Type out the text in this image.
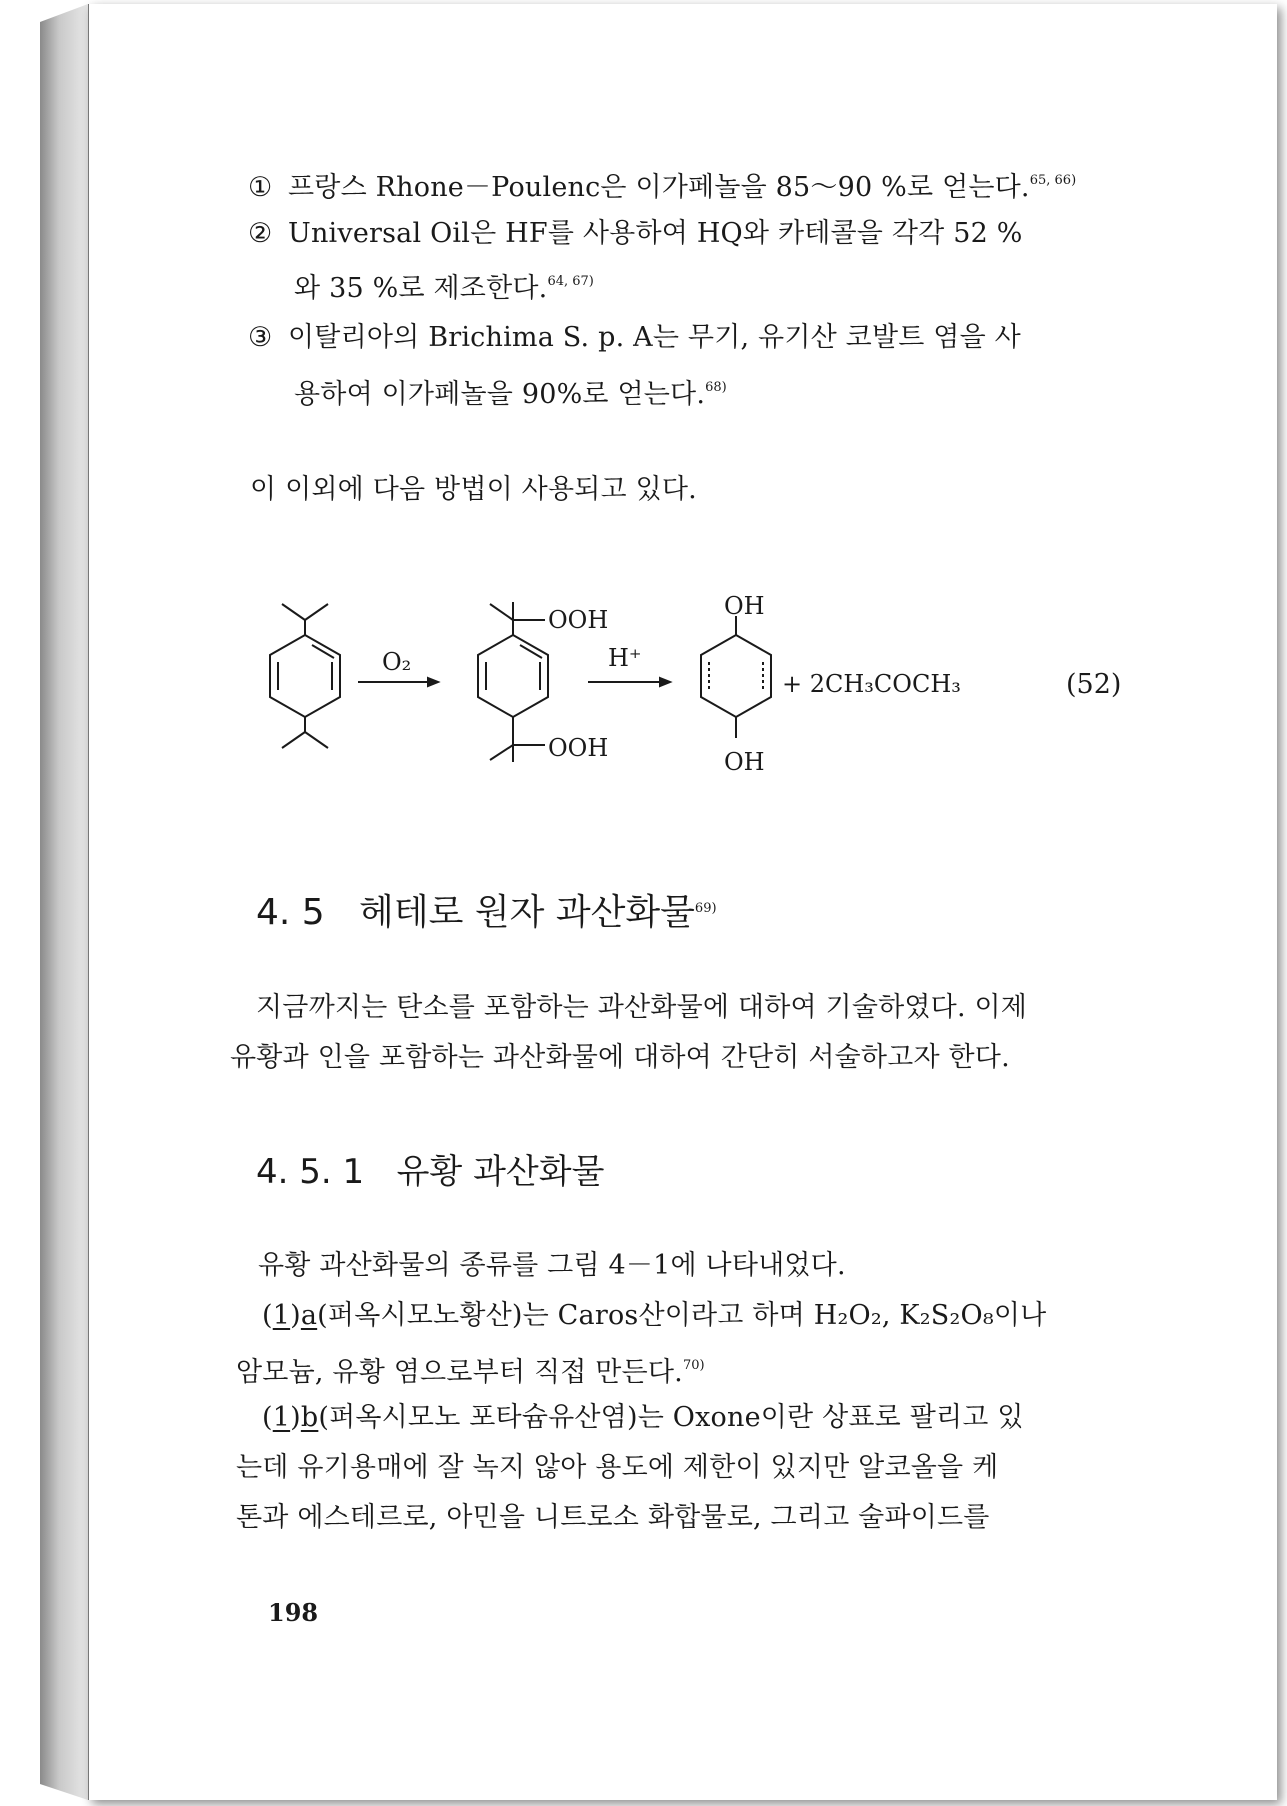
① 프랑스 Rhone－Poulenc은 이가페놀을 85～90 %로 얻는다.$^{65, 66)}$
② Universal Oil은 HF를 사용하여 HQ와 카테콜을 각각 52 %
와 35 %로 제조한다.$^{64, 67)}$
③ 이탈리아의 Brichima S. p. A는 무기, 유기산 코발트 염을 사
용하여 이가페놀을 90%로 얻는다.$^{68)}$
이 이외에 다음 방법이 사용되고 있다.
O₂	H⁺
OOH
OOH
OH
OH
+ 2CH₃COCH₃	(52)
4. 5 헤테로 원자 과산화물$^{69)}$
지금까지는 탄소를 포함하는 과산화물에 대하여 기술하였다. 이제
유황과 인을 포함하는 과산화물에 대하여 간단히 서술하고자 한다.
4. 5. 1 유황 과산화물
유황 과산화물의 종류를 그림 4－1에 나타내었다.
(1)a(퍼옥시모노황산)는 Caros산이라고 하며 H₂O₂, K₂S₂O₈이나
암모늄, 유황 염으로부터 직접 만든다.$^{70)}$
(1)b(퍼옥시모노 포타슘유산염)는 Oxone이란 상표로 팔리고 있
는데 유기용매에 잘 녹지 않아 용도에 제한이 있지만 알코올을 케
톤과 에스테르로, 아민을 니트로소 화합물로, 그리고 술파이드를
198
